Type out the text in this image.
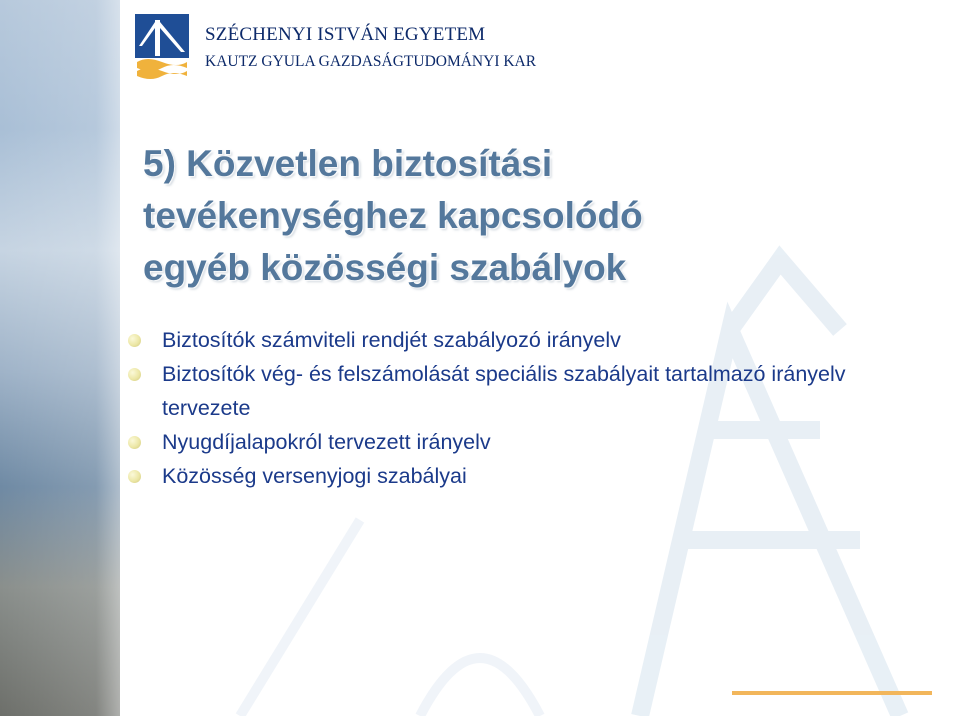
SZÉCHENYI ISTVÁN EGYETEM

KAUTZ GYULA GAZDASÁGTUDOMÁNYI KAR

5) Közvetlen biztosítási
tevékenységhez kapcsolódó
egyéb közösségi szabályok
Biztosítók számviteli rendjét szabályozó irányelv
Biztosítók vég- és felszámolását speciális szabályait tartalmazó irányelv tervezete
Nyugdíjalapokról tervezett irányelv
Közösség versenyjogi szabályai
